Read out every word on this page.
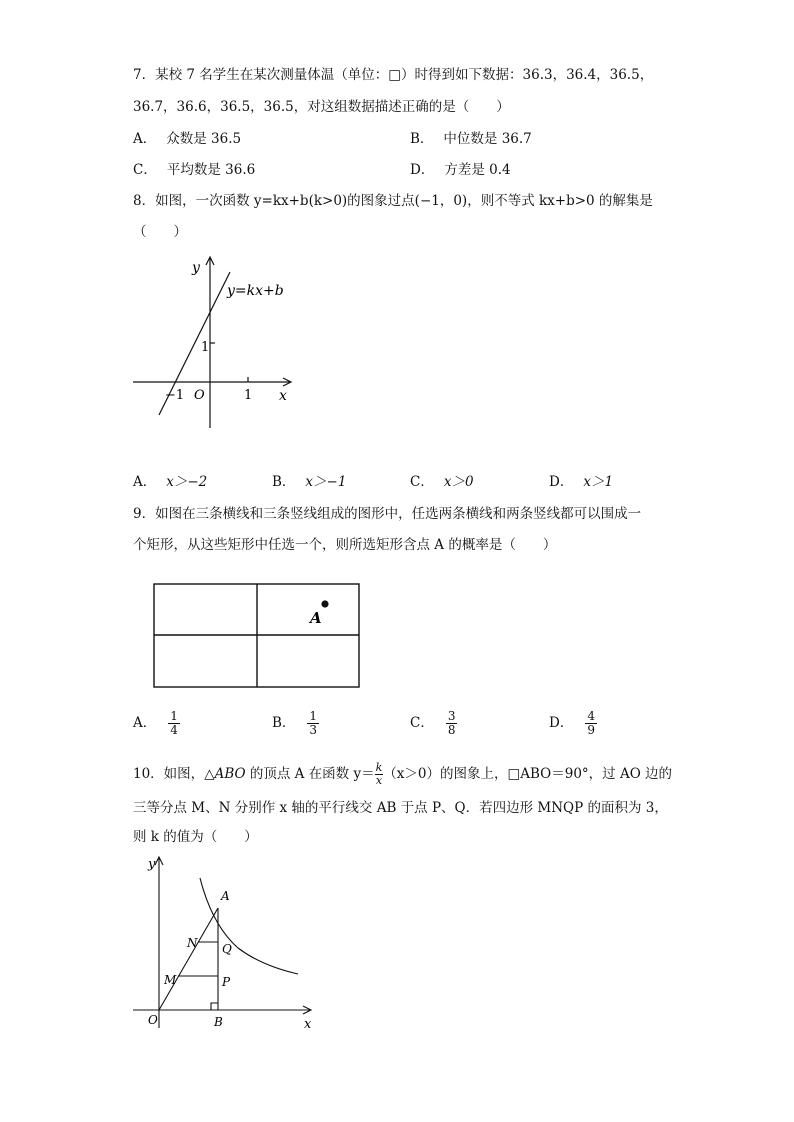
7．某校 7 名学生在某次测量体温（单位：□）时得到如下数据：36.3，36.4，36.5，
36.7，36.6，36.5，36.5，对这组数据描述正确的是（　　）
A． 众数是 36.5	B． 中位数是 36.7
C． 平均数是 36.6	D． 方差是 0.4
8．如图，一次函数 y=kx+b(k>0)的图象过点(−1，0)，则不等式 kx+b>0 的解集是
（　　）
y=kx+b
y
x
O
−1	1
1
A． x＞−2	B． x＞−1	C． x＞0	D． x＞1
9．如图在三条横线和三条竖线组成的图形中，任选两条横线和两条竖线都可以围成一
个矩形，从这些矩形中任选一个，则所选矩形含点 A 的概率是（　　）
A
A． $\frac{1}{4}$	B． $\frac{1}{3}$	C． $\frac{3}{8}$	D． $\frac{4}{9}$
10．如图，△ABO 的顶点 A 在函数 $y= \frac{k}{x} (x>0)$的图象上，□ABO＝90°，过 AO 边的
三等分点 M、N 分别作 x 轴的平行线交 AB 于点 P、Q．若四边形 MNQP 的面积为 3，
则 k 的值为（　　）
y
x
A
N Q
M	P
O	B
